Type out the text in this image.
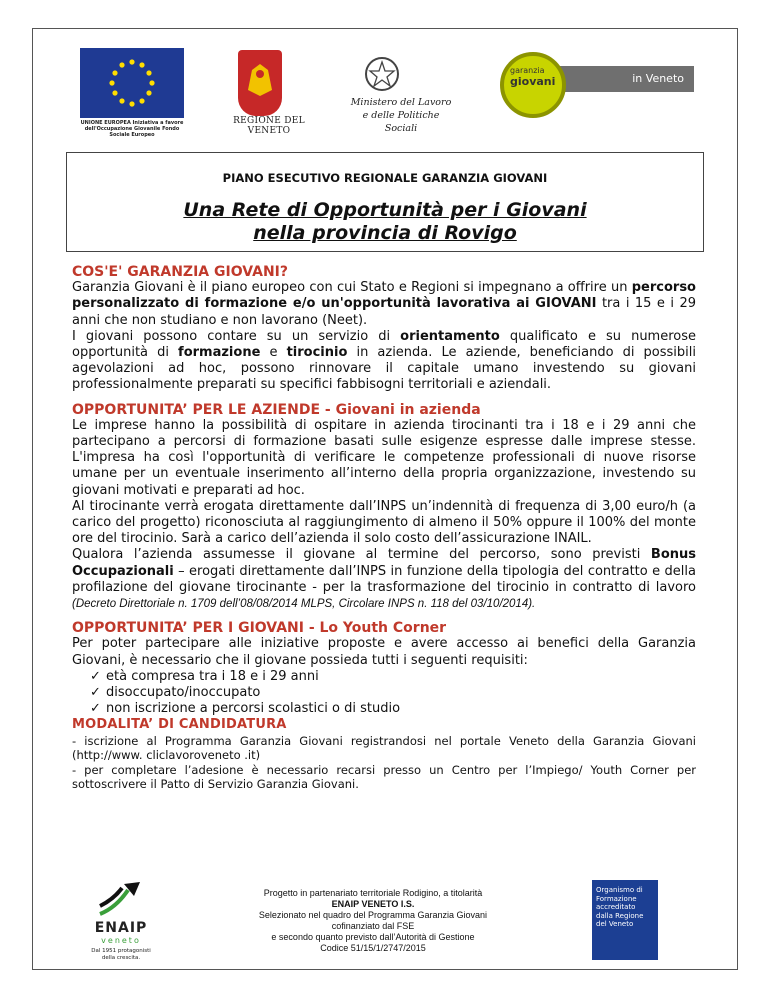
UNIONE EUROPEA Iniziativa a favore dell'Occupazione Giovanile Fondo Sociale Europeo
REGIONE DEL VENETO
Ministero del Lavoro
e delle Politiche Sociali
in Veneto
garanzia
giovani
PIANO ESECUTIVO REGIONALE GARANZIA GIOVANI
Una Rete di Opportunità per i Giovani
nella provincia di Rovigo
COS'E' GARANZIA GIOVANI?

Garanzia Giovani è il piano europeo con cui Stato e Regioni si impegnano a offrire un percorso personalizzato di formazione e/o un'opportunità lavorativa ai GIOVANI tra i 15 e i 29 anni che non studiano e non lavorano (Neet).

I giovani possono contare su un servizio di orientamento qualificato e su numerose opportunità di formazione e tirocinio in azienda. Le aziende, beneficiando di possibili agevolazioni ad hoc, possono rinnovare il capitale umano investendo su giovani professionalmente preparati su specifici fabbisogni territoriali e aziendali.

OPPORTUNITA’ PER LE AZIENDE - Giovani in azienda

Le imprese hanno la possibilità di ospitare in azienda tirocinanti tra i 18 e i 29 anni che partecipano a percorsi di formazione basati sulle esigenze espresse dalle imprese stesse. L'impresa ha così l'opportunità di verificare le competenze professionali di nuove risorse umane per un eventuale inserimento all’interno della propria organizzazione, investendo su giovani motivati e preparati ad hoc.

Al tirocinante verrà erogata direttamente dall’INPS un’indennità di frequenza di 3,00 euro/h (a carico del progetto) riconosciuta al raggiungimento di almeno il 50% oppure il 100% del monte ore del tirocinio. Sarà a carico dell’azienda il solo costo dell’assicurazione INAIL.

Qualora l’azienda assumesse il giovane al termine del percorso, sono previsti Bonus Occupazionali – erogati direttamente dall’INPS in funzione della tipologia del contratto e della profilazione del giovane tirocinante - per la trasformazione del tirocinio in contratto di lavoro (Decreto Direttoriale n. 1709 dell’08/08/2014 MLPS, Circolare INPS n. 118 del 03/10/2014).

OPPORTUNITA’ PER I GIOVANI - Lo Youth Corner

Per poter partecipare alle iniziative proposte e avere accesso ai benefici della Garanzia Giovani, è necessario che il giovane possieda tutti i seguenti requisiti:

✓ età compresa tra i 18 e i 29 anni
✓ disoccupato/inoccupato
✓ non iscrizione a percorsi scolastici o di studio
MODALITA’ DI CANDIDATURA

- iscrizione al Programma Garanzia Giovani registrandosi nel portale Veneto della Garanzia Giovani (http://www. cliclavoroveneto .it)

- per completare l’adesione è necessario recarsi presso un Centro per l’Impiego/ Youth Corner per sottoscrivere il Patto di Servizio Garanzia Giovani.

ENAIP
veneto
Dal 1951 protagonisti della crescita.
Progetto in partenariato territoriale Rodigino, a titolarità
ENAIP VENETO I.S.
Selezionato nel quadro del Programma Garanzia Giovani
cofinanziato dal FSE
e secondo quanto previsto dall’Autorità di Gestione
Codice 51/15/1/2747/2015
Organismo di Formazione accreditato dalla Regione del Veneto
